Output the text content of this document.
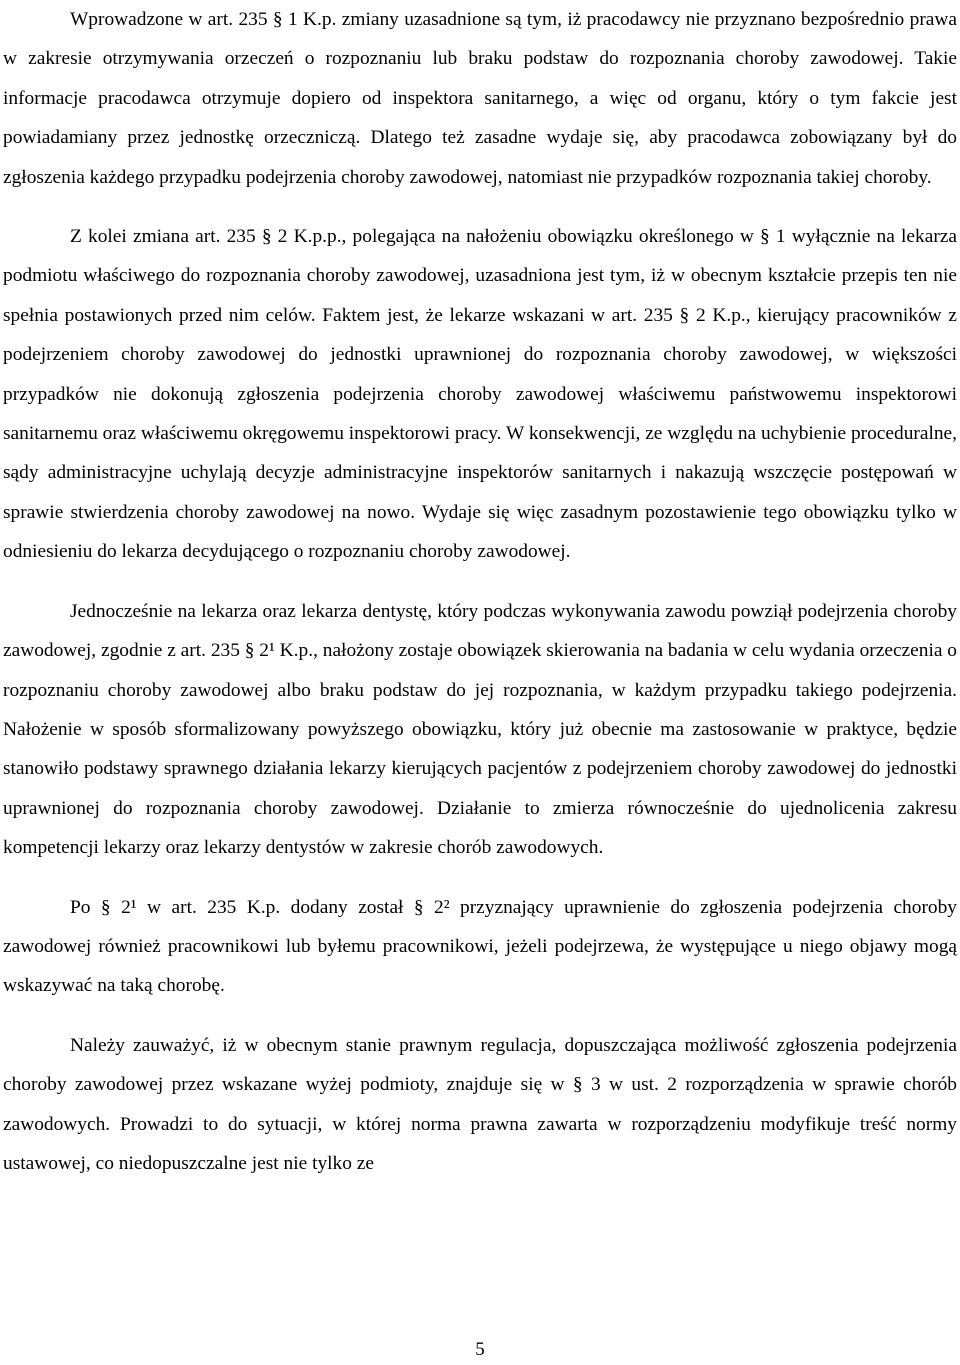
Wprowadzone w art. 235 § 1 K.p. zmiany uzasadnione są tym, iż pracodawcy nie przyznano bezpośrednio prawa w zakresie otrzymywania orzeczeń o rozpoznaniu lub braku podstaw do rozpoznania choroby zawodowej. Takie informacje pracodawca otrzymuje dopiero od inspektora sanitarnego, a więc od organu, który o tym fakcie jest powiadamiany przez jednostkę orzeczniczą. Dlatego też zasadne wydaje się, aby pracodawca zobowiązany był do zgłoszenia każdego przypadku podejrzenia choroby zawodowej, natomiast nie przypadków rozpoznania takiej choroby.

Z kolei zmiana art. 235 § 2 K.p.p., polegająca na nałożeniu obowiązku określonego w § 1 wyłącznie na lekarza podmiotu właściwego do rozpoznania choroby zawodowej, uzasadniona jest tym, iż w obecnym kształcie przepis ten nie spełnia postawionych przed nim celów. Faktem jest, że lekarze wskazani w art. 235 § 2 K.p., kierujący pracowników z podejrzeniem choroby zawodowej do jednostki uprawnionej do rozpoznania choroby zawodowej, w większości przypadków nie dokonują zgłoszenia podejrzenia choroby zawodowej właściwemu państwowemu inspektorowi sanitarnemu oraz właściwemu okręgowemu inspektorowi pracy. W konsekwencji, ze względu na uchybienie proceduralne, sądy administracyjne uchylają decyzje administracyjne inspektorów sanitarnych i nakazują wszczęcie postępowań w sprawie stwierdzenia choroby zawodowej na nowo. Wydaje się więc zasadnym pozostawienie tego obowiązku tylko w odniesieniu do lekarza decydującego o rozpoznaniu choroby zawodowej.

Jednocześnie na lekarza oraz lekarza dentystę, który podczas wykonywania zawodu powziął podejrzenia choroby zawodowej, zgodnie z art. 235 § 2¹ K.p., nałożony zostaje obowiązek skierowania na badania w celu wydania orzeczenia o rozpoznaniu choroby zawodowej albo braku podstaw do jej rozpoznania, w każdym przypadku takiego podejrzenia. Nałożenie w sposób sformalizowany powyższego obowiązku, który już obecnie ma zastosowanie w praktyce, będzie stanowiło podstawy sprawnego działania lekarzy kierujących pacjentów z podejrzeniem choroby zawodowej do jednostki uprawnionej do rozpoznania choroby zawodowej. Działanie to zmierza równocześnie do ujednolicenia zakresu kompetencji lekarzy oraz lekarzy dentystów w zakresie chorób zawodowych.

Po § 2¹ w art. 235 K.p. dodany został § 2² przyznający uprawnienie do zgłoszenia podejrzenia choroby zawodowej również pracownikowi lub byłemu pracownikowi, jeżeli podejrzewa, że występujące u niego objawy mogą wskazywać na taką chorobę.

Należy zauważyć, iż w obecnym stanie prawnym regulacja, dopuszczająca możliwość zgłoszenia podejrzenia choroby zawodowej przez wskazane wyżej podmioty, znajduje się w § 3 w ust. 2 rozporządzenia w sprawie chorób zawodowych. Prowadzi to do sytuacji, w której norma prawna zawarta w rozporządzeniu modyfikuje treść normy ustawowej, co niedopuszczalne jest nie tylko ze

5
